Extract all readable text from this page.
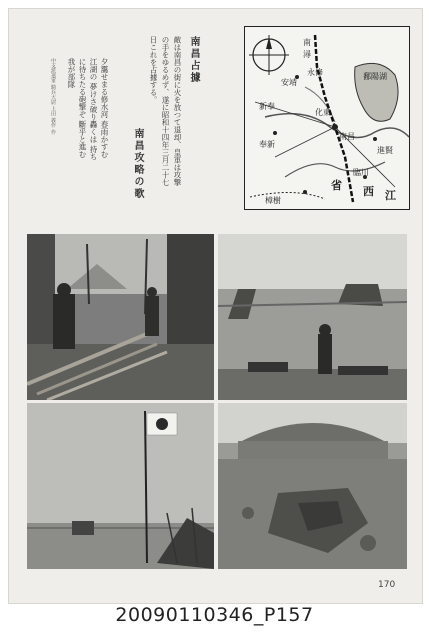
南昌占據
敵は南昌の街に火を放つて退却、皇軍は攻撃の手をゆるめず、遂に昭和十四年三月二十七日これを占據する。
南昌攻略の歌
夕靄せまる修水河 春雨かすむ江湖の 夢けさ破り轟くは 持ちに待ちたる砲撃ぞ 斷乎と進む我が部隊
中支派遣軍 騎兵大尉 上田 義作 作
南
潯
鄱陽湖
永修
安靖
新奉
化東
南昌
進賢
臨川
奉新
樟樹	江
西
省
170
20090110346_P157
